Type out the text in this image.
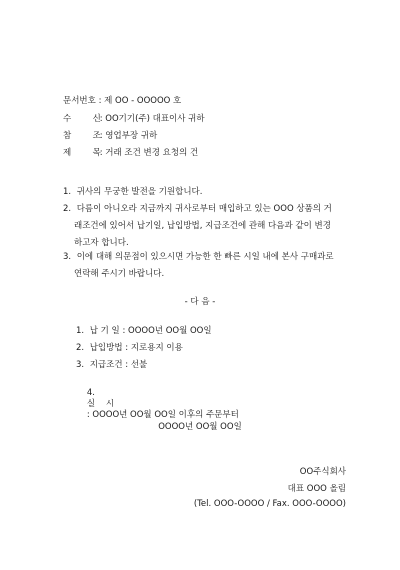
문서번호 : 제 OO - OOOOO 호
수	신 : OO기기(주) 대표이사 귀하
참	조 : 영업부장 귀하
제	목 : 거래 조건 변경 요청의 건
1. 귀사의 무궁한 발전을 기원합니다.
2. 다름이 아니오라 지금까지 귀사로부터 매입하고 있는 OOO 상품의 거
래조건에 있어서 납기일, 납입방법, 지급조건에 관해 다음과 같이 변경
하고자 합니다.
3. 이에 대해 의문점이 있으시면 가능한 한 빠른 시일 내에 본사 구매과로
연락해 주시기 바랍니다.
- 다 음 -
1. 납 기 일 : OOOO년 OO월 OO일
2. 납입방법 : 지로용지 이용
3. 지급조건 : 선불

4.
실    시
: OOOO년 OO월 OO일 이후의 주문부터

OOOO년 OO월 OO일
OO주식회사
대표 OOO 올림
(Tel. OOO-OOOO / Fax. OOO-OOOO)
